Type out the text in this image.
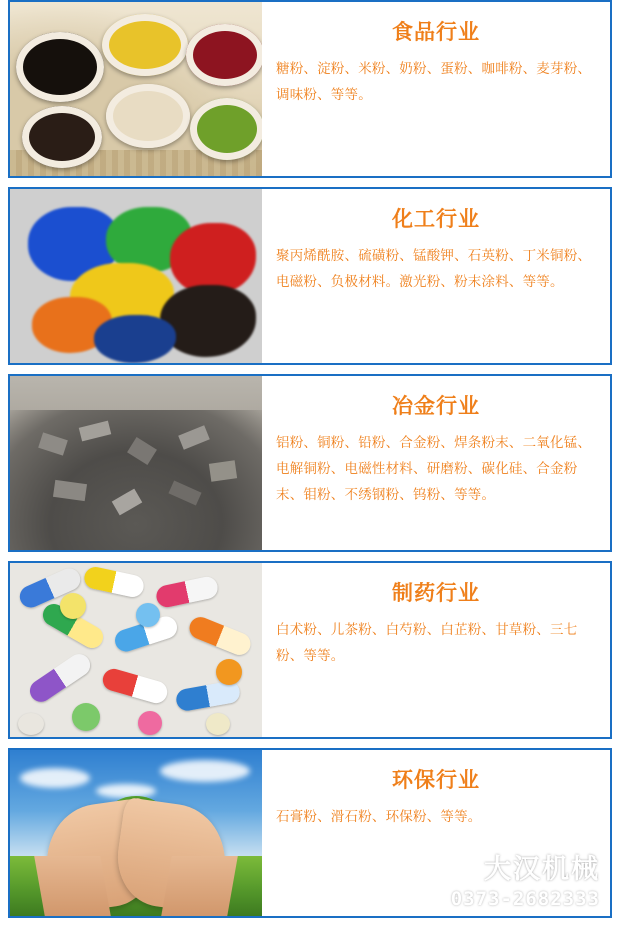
食品行业
糖粉、淀粉、米粉、奶粉、蛋粉、咖啡粉、麦芽粉、调味粉、等等。
化工行业
聚丙烯酰胺、硫磺粉、锰酸钾、石英粉、丁米铜粉、电磁粉、负极材料。激光粉、粉末涂料、等等。
冶金行业
铝粉、铜粉、铅粉、合金粉、焊条粉末、二氧化锰、电解铜粉、电磁性材料、研磨粉、碳化硅、合金粉末、钼粉、不绣钢粉、钨粉、等等。
制药行业
白术粉、儿茶粉、白芍粉、白芷粉、甘草粉、三七粉、等等。
环保行业
石膏粉、滑石粉、环保粉、等等。
大汉机械
DAHAN 0373-2682333
